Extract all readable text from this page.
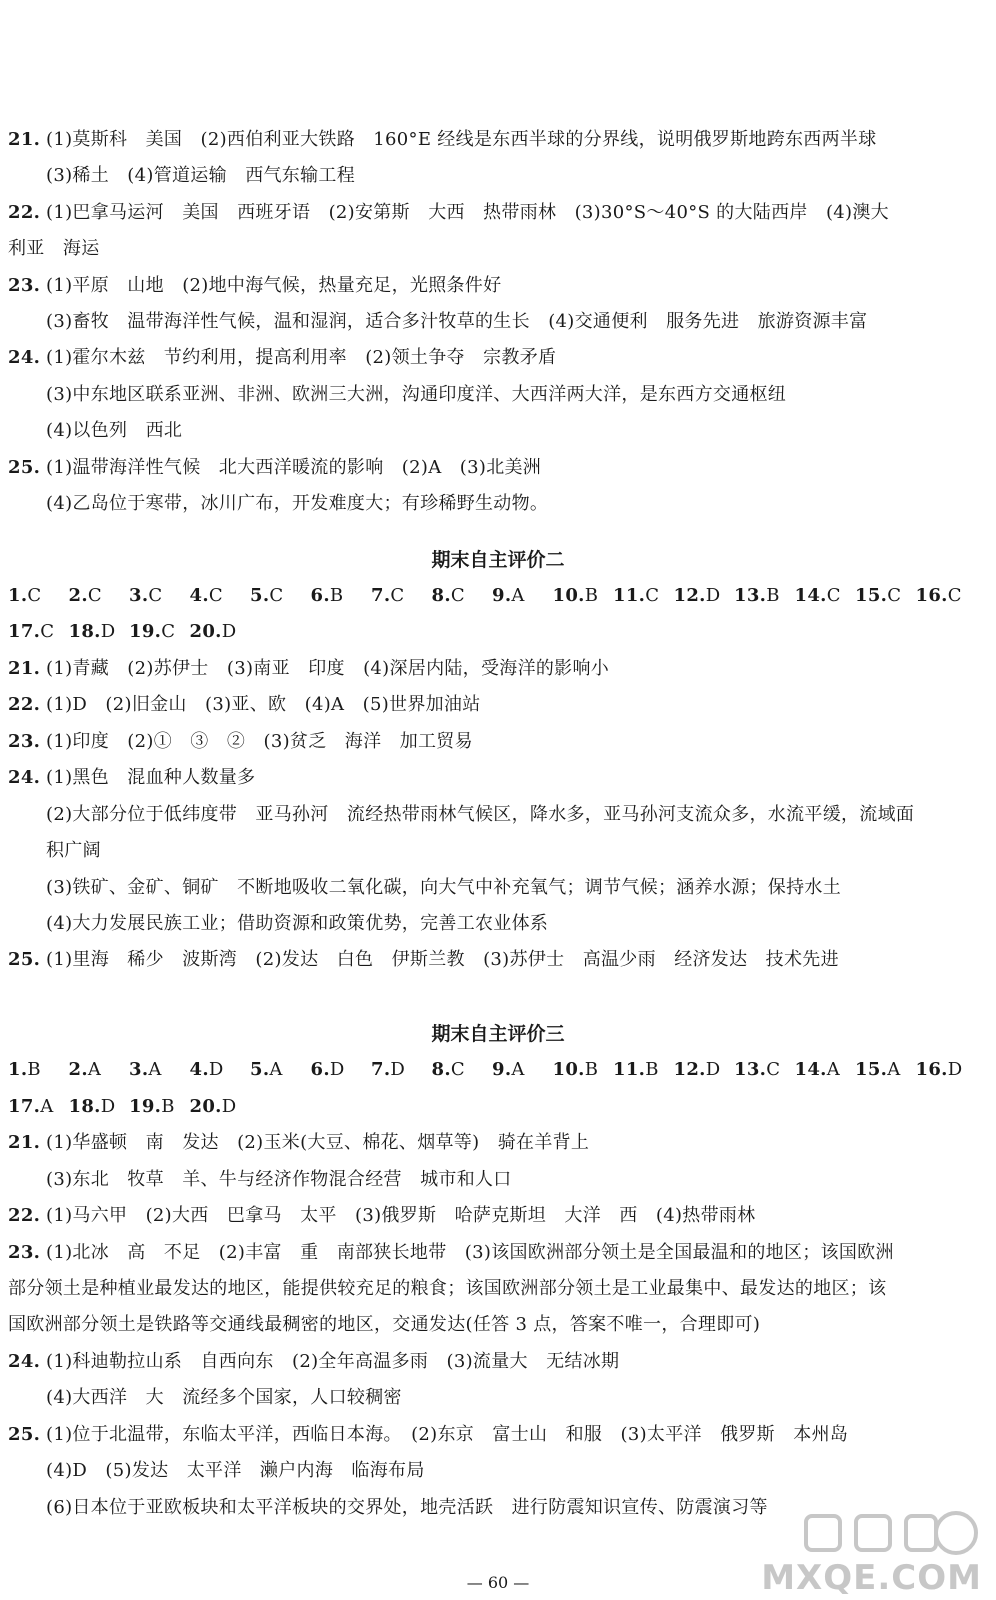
21. (1)莫斯科　美国　(2)西伯利亚大铁路　160°E 经线是东西半球的分界线，说明俄罗斯地跨东西两半球
(3)稀土　(4)管道运输　西气东输工程
22. (1)巴拿马运河　美国　西班牙语　(2)安第斯　大西　热带雨林　(3)30°S～40°S 的大陆西岸　(4)澳大
利亚　海运
23. (1)平原　山地　(2)地中海气候，热量充足，光照条件好
(3)畜牧　温带海洋性气候，温和湿润，适合多汁牧草的生长　(4)交通便利　服务先进　旅游资源丰富
24. (1)霍尔木兹　节约利用，提高利用率　(2)领土争夺　宗教矛盾
(3)中东地区联系亚洲、非洲、欧洲三大洲，沟通印度洋、大西洋两大洋，是东西方交通枢纽
(4)以色列　西北
25. (1)温带海洋性气候　北大西洋暖流的影响　(2)A　(3)北美洲
(4)乙岛位于寒带，冰川广布，开发难度大；有珍稀野生动物。
期末自主评价二
1.C 2.C 3.C 4.C 5.C 6.B 7.C 8.C 9.A 10.B 11.C 12.D 13.B 14.C 15.C 16.C
17.C 18.D 19.C 20.D
21. (1)青藏　(2)苏伊士　(3)南亚　印度　(4)深居内陆，受海洋的影响小
22. (1)D　(2)旧金山　(3)亚、欧　(4)A　(5)世界加油站
23. (1)印度　(2)①　③　②　(3)贫乏　海洋　加工贸易
24. (1)黑色　混血种人数量多
(2)大部分位于低纬度带　亚马孙河　流经热带雨林气候区，降水多，亚马孙河支流众多，水流平缓，流域面
积广阔
(3)铁矿、金矿、铜矿　不断地吸收二氧化碳，向大气中补充氧气；调节气候；涵养水源；保持水土
(4)大力发展民族工业；借助资源和政策优势，完善工农业体系
25. (1)里海　稀少　波斯湾　(2)发达　白色　伊斯兰教　(3)苏伊士　高温少雨　经济发达　技术先进
期末自主评价三
1.B 2.A 3.A 4.D 5.A 6.D 7.D 8.C 9.A 10.B 11.B 12.D 13.C 14.A 15.A 16.D
17.A 18.D 19.B 20.D
21. (1)华盛顿　南　发达　(2)玉米(大豆、棉花、烟草等)　骑在羊背上
(3)东北　牧草　羊、牛与经济作物混合经营　城市和人口
22. (1)马六甲　(2)大西　巴拿马　太平　(3)俄罗斯　哈萨克斯坦　大洋　西　(4)热带雨林
23. (1)北冰　高　不足　(2)丰富　重　南部狭长地带　(3)该国欧洲部分领土是全国最温和的地区；该国欧洲
部分领土是种植业最发达的地区，能提供较充足的粮食；该国欧洲部分领土是工业最集中、最发达的地区；该
国欧洲部分领土是铁路等交通线最稠密的地区，交通发达(任答 3 点，答案不唯一，合理即可)
24. (1)科迪勒拉山系　自西向东　(2)全年高温多雨　(3)流量大　无结冰期
(4)大西洋　大　流经多个国家，人口较稠密
25. (1)位于北温带，东临太平洋，西临日本海。　(2)东京　富士山　和服　(3)太平洋　俄罗斯　本州岛
(4)D　(5)发达　太平洋　濑户内海　临海布局
(6)日本位于亚欧板块和太平洋板块的交界处，地壳活跃　进行防震知识宣传、防震演习等
— 60 —	MXQE.COM
